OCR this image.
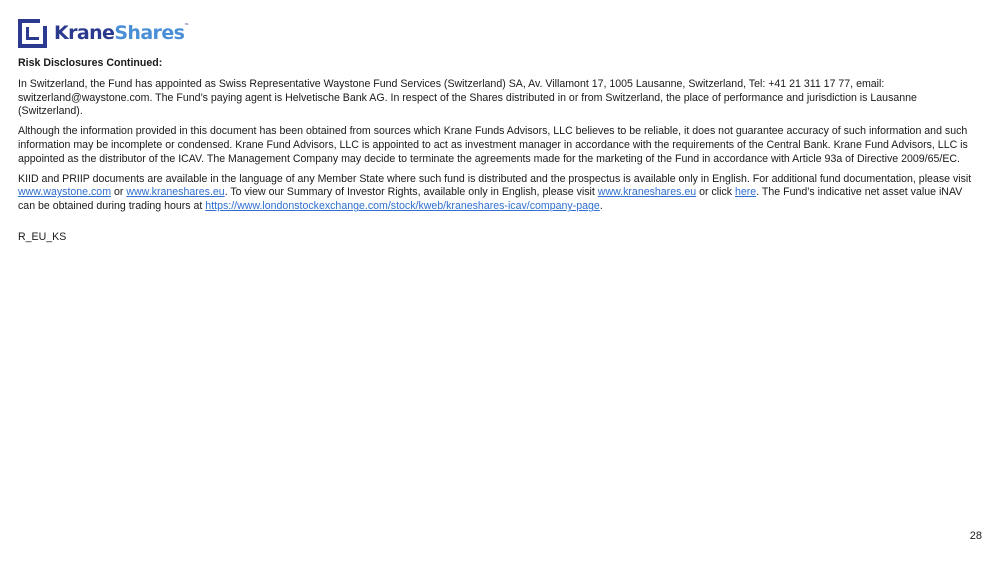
KraneShares™
Risk Disclosures Continued:

In Switzerland, the Fund has appointed as Swiss Representative Waystone Fund Services (Switzerland) SA, Av. Villamont 17, 1005 Lausanne, Switzerland, Tel: +41 21 311 17 77, email: switzerland@waystone.com. The Fund’s paying agent is Helvetische Bank AG. In respect of the Shares distributed in or from Switzerland, the place of performance and jurisdiction is Lausanne (Switzerland).

Although the information provided in this document has been obtained from sources which Krane Funds Advisors, LLC believes to be reliable, it does not guarantee accuracy of such information and such information may be incomplete or condensed. Krane Fund Advisors, LLC is appointed to act as investment manager in accordance with the requirements of the Central Bank. Krane Fund Advisors, LLC is appointed as the distributor of the ICAV. The Management Company may decide to terminate the agreements made for the marketing of the Fund in accordance with Article 93a of Directive 2009/65/EC.

KIID and PRIIP documents are available in the language of any Member State where such fund is distributed and the prospectus is available only in English. For additional fund documentation, please visit www.waystone.com or www.kraneshares.eu. To view our Summary of Investor Rights, available only in English, please visit www.kraneshares.eu or click here. The Fund’s indicative net asset value iNAV can be obtained during trading hours at https://www.londonstockexchange.com/stock/kweb/kraneshares-icav/company-page.

R_EU_KS
28
